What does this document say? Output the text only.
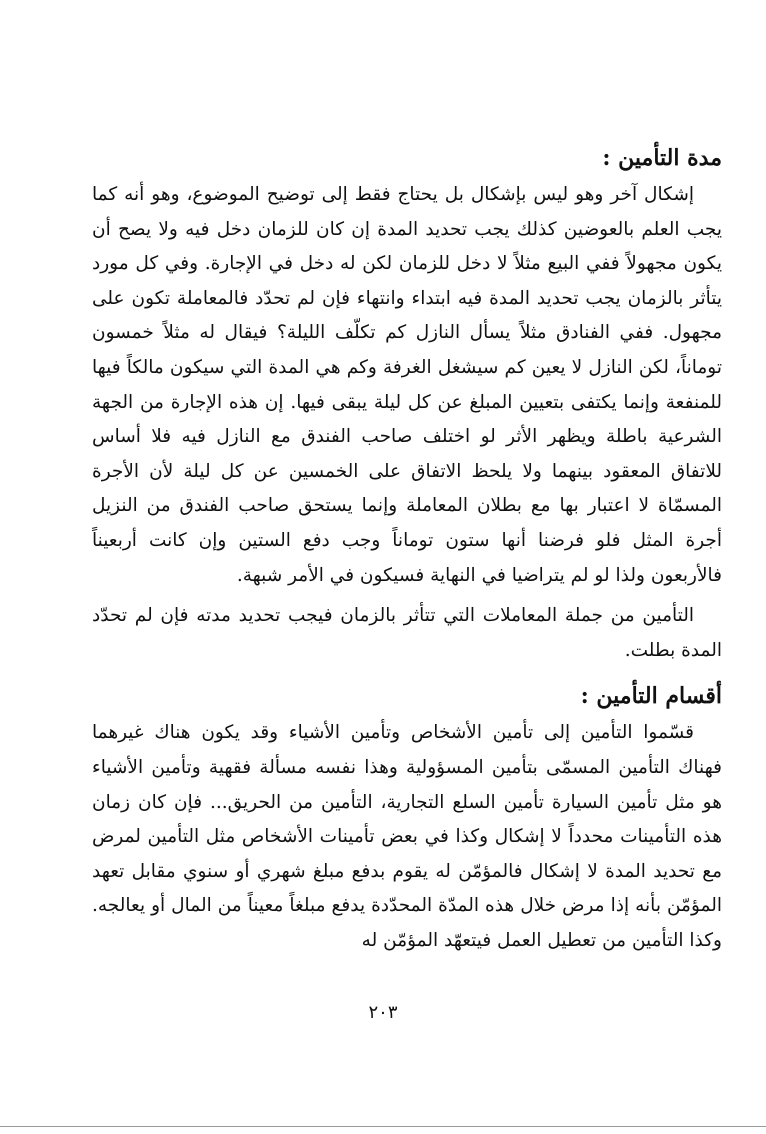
مدة التأمين :

إشكال آخر وهو ليس بإشكال بل يحتاج فقط إلى توضيح الموضوع، وهو أنه كما يجب العلم بالعوضين كذلك يجب تحديد المدة إن كان للزمان دخل فيه ولا يصح أن يكون مجهولاً ففي البيع مثلاً لا دخل للزمان لكن له دخل في الإجارة. وفي كل مورد يتأثر بالزمان يجب تحديد المدة فيه ابتداء وانتهاء فإن لم تحدّد فالمعاملة تكون على مجهول. ففي الفنادق مثلاً يسأل النازل كم تكلّف الليلة؟ فيقال له مثلاً خمسون توماناً، لكن النازل لا يعين كم سيشغل الغرفة وكم هي المدة التي سيكون مالكاً فيها للمنفعة وإنما يكتفى بتعيين المبلغ عن كل ليلة يبقى فيها. إن هذه الإجارة من الجهة الشرعية باطلة ويظهر الأثر لو اختلف صاحب الفندق مع النازل فيه فلا أساس للاتفاق المعقود بينهما ولا يلحظ الاتفاق على الخمسين عن كل ليلة لأن الأجرة المسمّاة لا اعتبار بها مع بطلان المعاملة وإنما يستحق صاحب الفندق من النزيل أجرة المثل فلو فرضنا أنها ستون توماناً وجب دفع الستين وإن كانت أربعيناً فالأربعون ولذا لو لم يتراضيا في النهاية فسيكون في الأمر شبهة.

التأمين من جملة المعاملات التي تتأثر بالزمان فيجب تحديد مدته فإن لم تحدّد المدة بطلت.

أقسام التأمين :

قسّموا التأمين إلى تأمين الأشخاص وتأمين الأشياء وقد يكون هناك غيرهما فهناك التأمين المسمّى بتأمين المسؤولية وهذا نفسه مسألة فقهية وتأمين الأشياء هو مثل تأمين السيارة تأمين السلع التجارية، التأمين من الحريق... فإن كان زمان هذه التأمينات محدداً لا إشكال وكذا في بعض تأمينات الأشخاص مثل التأمين لمرض مع تحديد المدة لا إشكال فالمؤمّن له يقوم بدفع مبلغ شهري أو سنوي مقابل تعهد المؤمّن بأنه إذا مرض خلال هذه المدّة المحدّدة يدفع مبلغاً معيناً من المال أو يعالجه. وكذا التأمين من تعطيل العمل فيتعهّد المؤمّن له

٢٠٣
